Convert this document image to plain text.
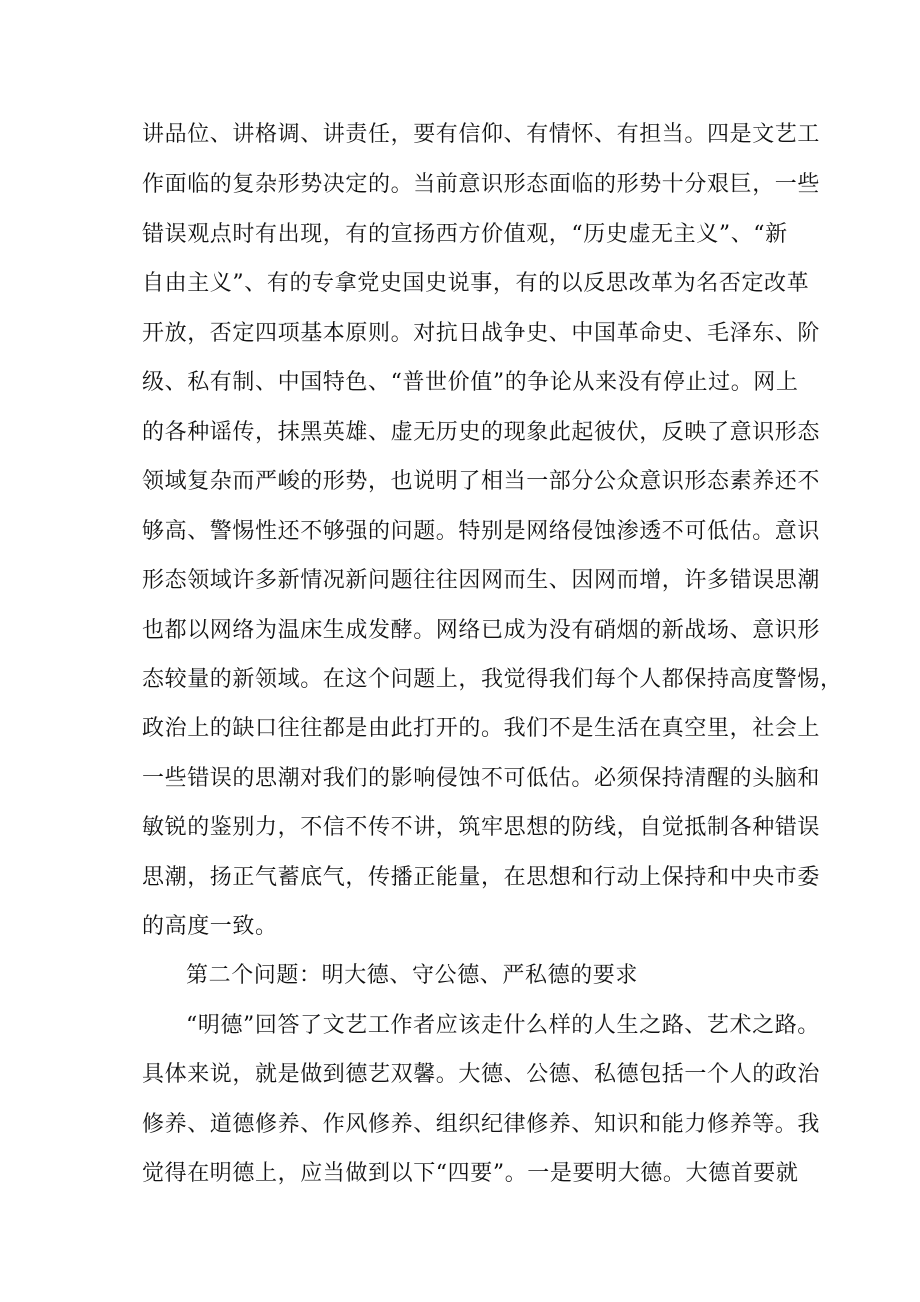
讲品位、讲格调、讲责任，要有信仰、有情怀、有担当。四是文艺工
作面临的复杂形势决定的。当前意识形态面临的形势十分艰巨，一些
错误观点时有出现，有的宣扬西方价值观，“历史虚无主义”、“新
自由主义”、有的专拿党史国史说事，有的以反思改革为名否定改革
开放，否定四项基本原则。对抗日战争史、中国革命史、毛泽东、阶
级、私有制、中国特色、“普世价值”的争论从来没有停止过。网上
的各种谣传，抹黑英雄、虚无历史的现象此起彼伏，反映了意识形态
领域复杂而严峻的形势，也说明了相当一部分公众意识形态素养还不
够高、警惕性还不够强的问题。特别是网络侵蚀渗透不可低估。意识
形态领域许多新情况新问题往往因网而生、因网而增，许多错误思潮
也都以网络为温床生成发酵。网络已成为没有硝烟的新战场、意识形
态较量的新领域。在这个问题上，我觉得我们每个人都保持高度警惕，
政治上的缺口往往都是由此打开的。我们不是生活在真空里，社会上
一些错误的思潮对我们的影响侵蚀不可低估。必须保持清醒的头脑和
敏锐的鉴别力，不信不传不讲，筑牢思想的防线，自觉抵制各种错误
思潮，扬正气蓄底气，传播正能量，在思想和行动上保持和中央市委
的高度一致。
第二个问题：明大德、守公德、严私德的要求
“明德”回答了文艺工作者应该走什么样的人生之路、艺术之路。
具体来说，就是做到德艺双馨。大德、公德、私德包括一个人的政治
修养、道德修养、作风修养、组织纪律修养、知识和能力修养等。我
觉得在明德上，应当做到以下“四要”。一是要明大德。大德首要就
